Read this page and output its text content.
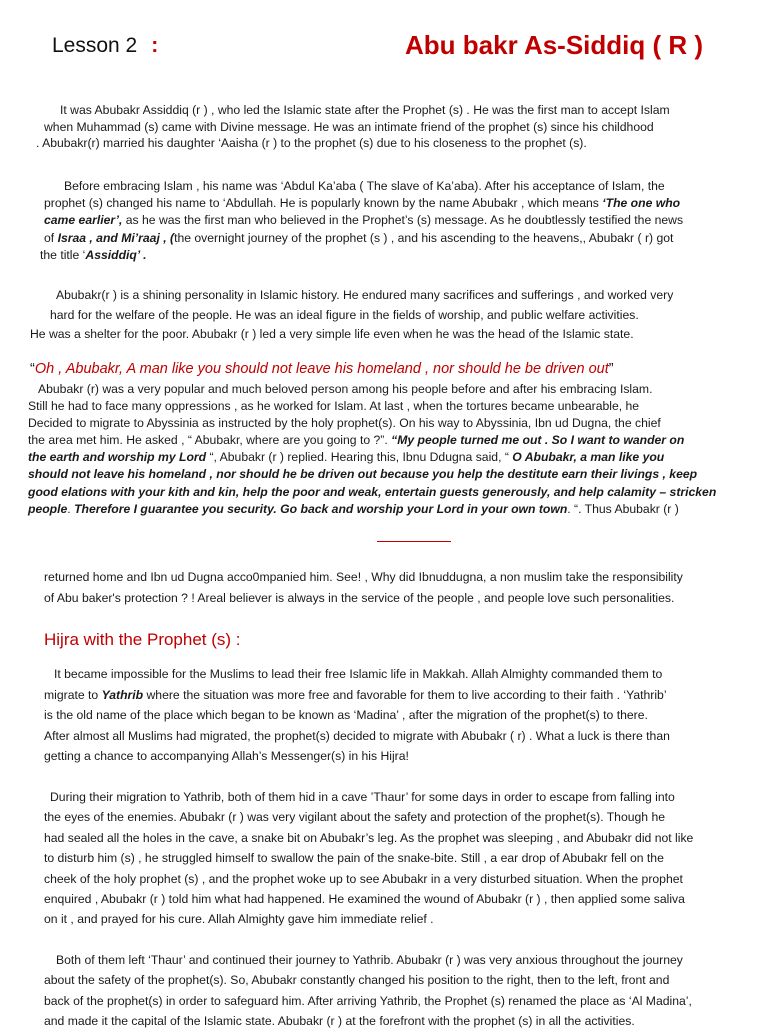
Lesson 2 :	Abu bakr As-Siddiq ( R )
It was Abubakr Assiddiq (r ) , who led the Islamic state after the Prophet (s) . He was the first man to accept Islam
when Muhammad (s) came with Divine message. He was an intimate friend of the prophet (s) since his childhood
. Abubakr(r) married his daughter ‘Aaisha (r ) to the prophet (s) due to his closeness to the prophet (s).
Before embracing Islam , his name was ‘Abdul Ka’aba ( The slave of Ka’aba). After his acceptance of Islam, the
prophet (s) changed his name to ‘Abdullah. He is popularly known by the name Abubakr , which means ‘The one who
came earlier’, as he was the first man who believed in the Prophet’s (s) message. As he doubtlessly testified the news
of Israa , and Mi’raaj , (the overnight journey of the prophet (s ) , and his ascending to the heavens,, Abubakr ( r) got
the title ‘Assiddiq’ .
Abubakr(r ) is a shining personality in Islamic history. He endured many sacrifices and sufferings , and worked very
hard for the welfare of the people. He was an ideal figure in the fields of worship, and public welfare activities.
He was a shelter for the poor. Abubakr (r ) led a very simple life even when he was the head of the Islamic state.
“Oh , Abubakr, A man like you should not leave his homeland , nor should he be driven out”
Abubakr (r) was a very popular and much beloved person among his people before and after his embracing Islam.
Still he had to face many oppressions , as he worked for Islam. At last , when the tortures became unbearable, he
Decided to migrate to Abyssinia as instructed by the holy prophet(s). On his way to Abyssinia, Ibn ud Dugna, the chief
the area met him. He asked , “ Abubakr, where are you going to ?”. “My people turned me out . So I want to wander on
the earth and worship my Lord “, Abubakr (r ) replied. Hearing this, Ibnu Ddugna said, “ O Abubakr, a man like you
should not leave his homeland , nor should he be driven out because you help the destitute earn their livings , keep
good elations with your kith and kin, help the poor and weak, entertain guests generously, and help calamity – stricken
people. Therefore I guarantee you security. Go back and worship your Lord in your own town. “. Thus Abubakr (r )
returned home and Ibn ud Dugna acco0mpanied him. See! , Why did Ibnuddugna, a non muslim take the responsibility
of Abu baker's protection ? ! Areal believer is always in the service of the people , and people love such personalities.
Hijra with the Prophet (s) :
It became impossible for the Muslims to lead their free Islamic life in Makkah. Allah Almighty commanded them to
migrate to Yathrib where the situation was more free and favorable for them to live according to their faith . ‘Yathrib’
is the old name of the place which began to be known as ‘Madina’ , after the migration of the prophet(s) to there.
After almost all Muslims had migrated, the prophet(s) decided to migrate with Abubakr ( r) . What a luck is there than
getting a chance to accompanying Allah’s Messenger(s) in his Hijra!
During their migration to Yathrib, both of them hid in a cave ’Thaur’ for some days in order to escape from falling into
the eyes of the enemies. Abubakr (r ) was very vigilant about the safety and protection of the prophet(s). Though he
had sealed all the holes in the cave, a snake bit on Abubakr’s leg. As the prophet was sleeping , and Abubakr did not like
to disturb him (s) , he struggled himself to swallow the pain of the snake-bite. Still , a ear drop of Abubakr fell on the
cheek of the holy prophet (s) , and the prophet woke up to see Abubakr in a very disturbed situation. When the prophet
enquired , Abubakr (r ) told him what had happened. He examined the wound of Abubakr (r ) , then applied some saliva
on it , and prayed for his cure. Allah Almighty gave him immediate relief .
Both of them left ‘Thaur’ and continued their journey to Yathrib. Abubakr (r ) was very anxious throughout the journey
about the safety of the prophet(s). So, Abubakr constantly changed his position to the right, then to the left, front and
back of the prophet(s) in order to safeguard him. After arriving Yathrib, the Prophet (s) renamed the place as ‘Al Madina’,
and made it the capital of the Islamic state. Abubakr (r ) at the forefront with the prophet (s) in all the activities.
